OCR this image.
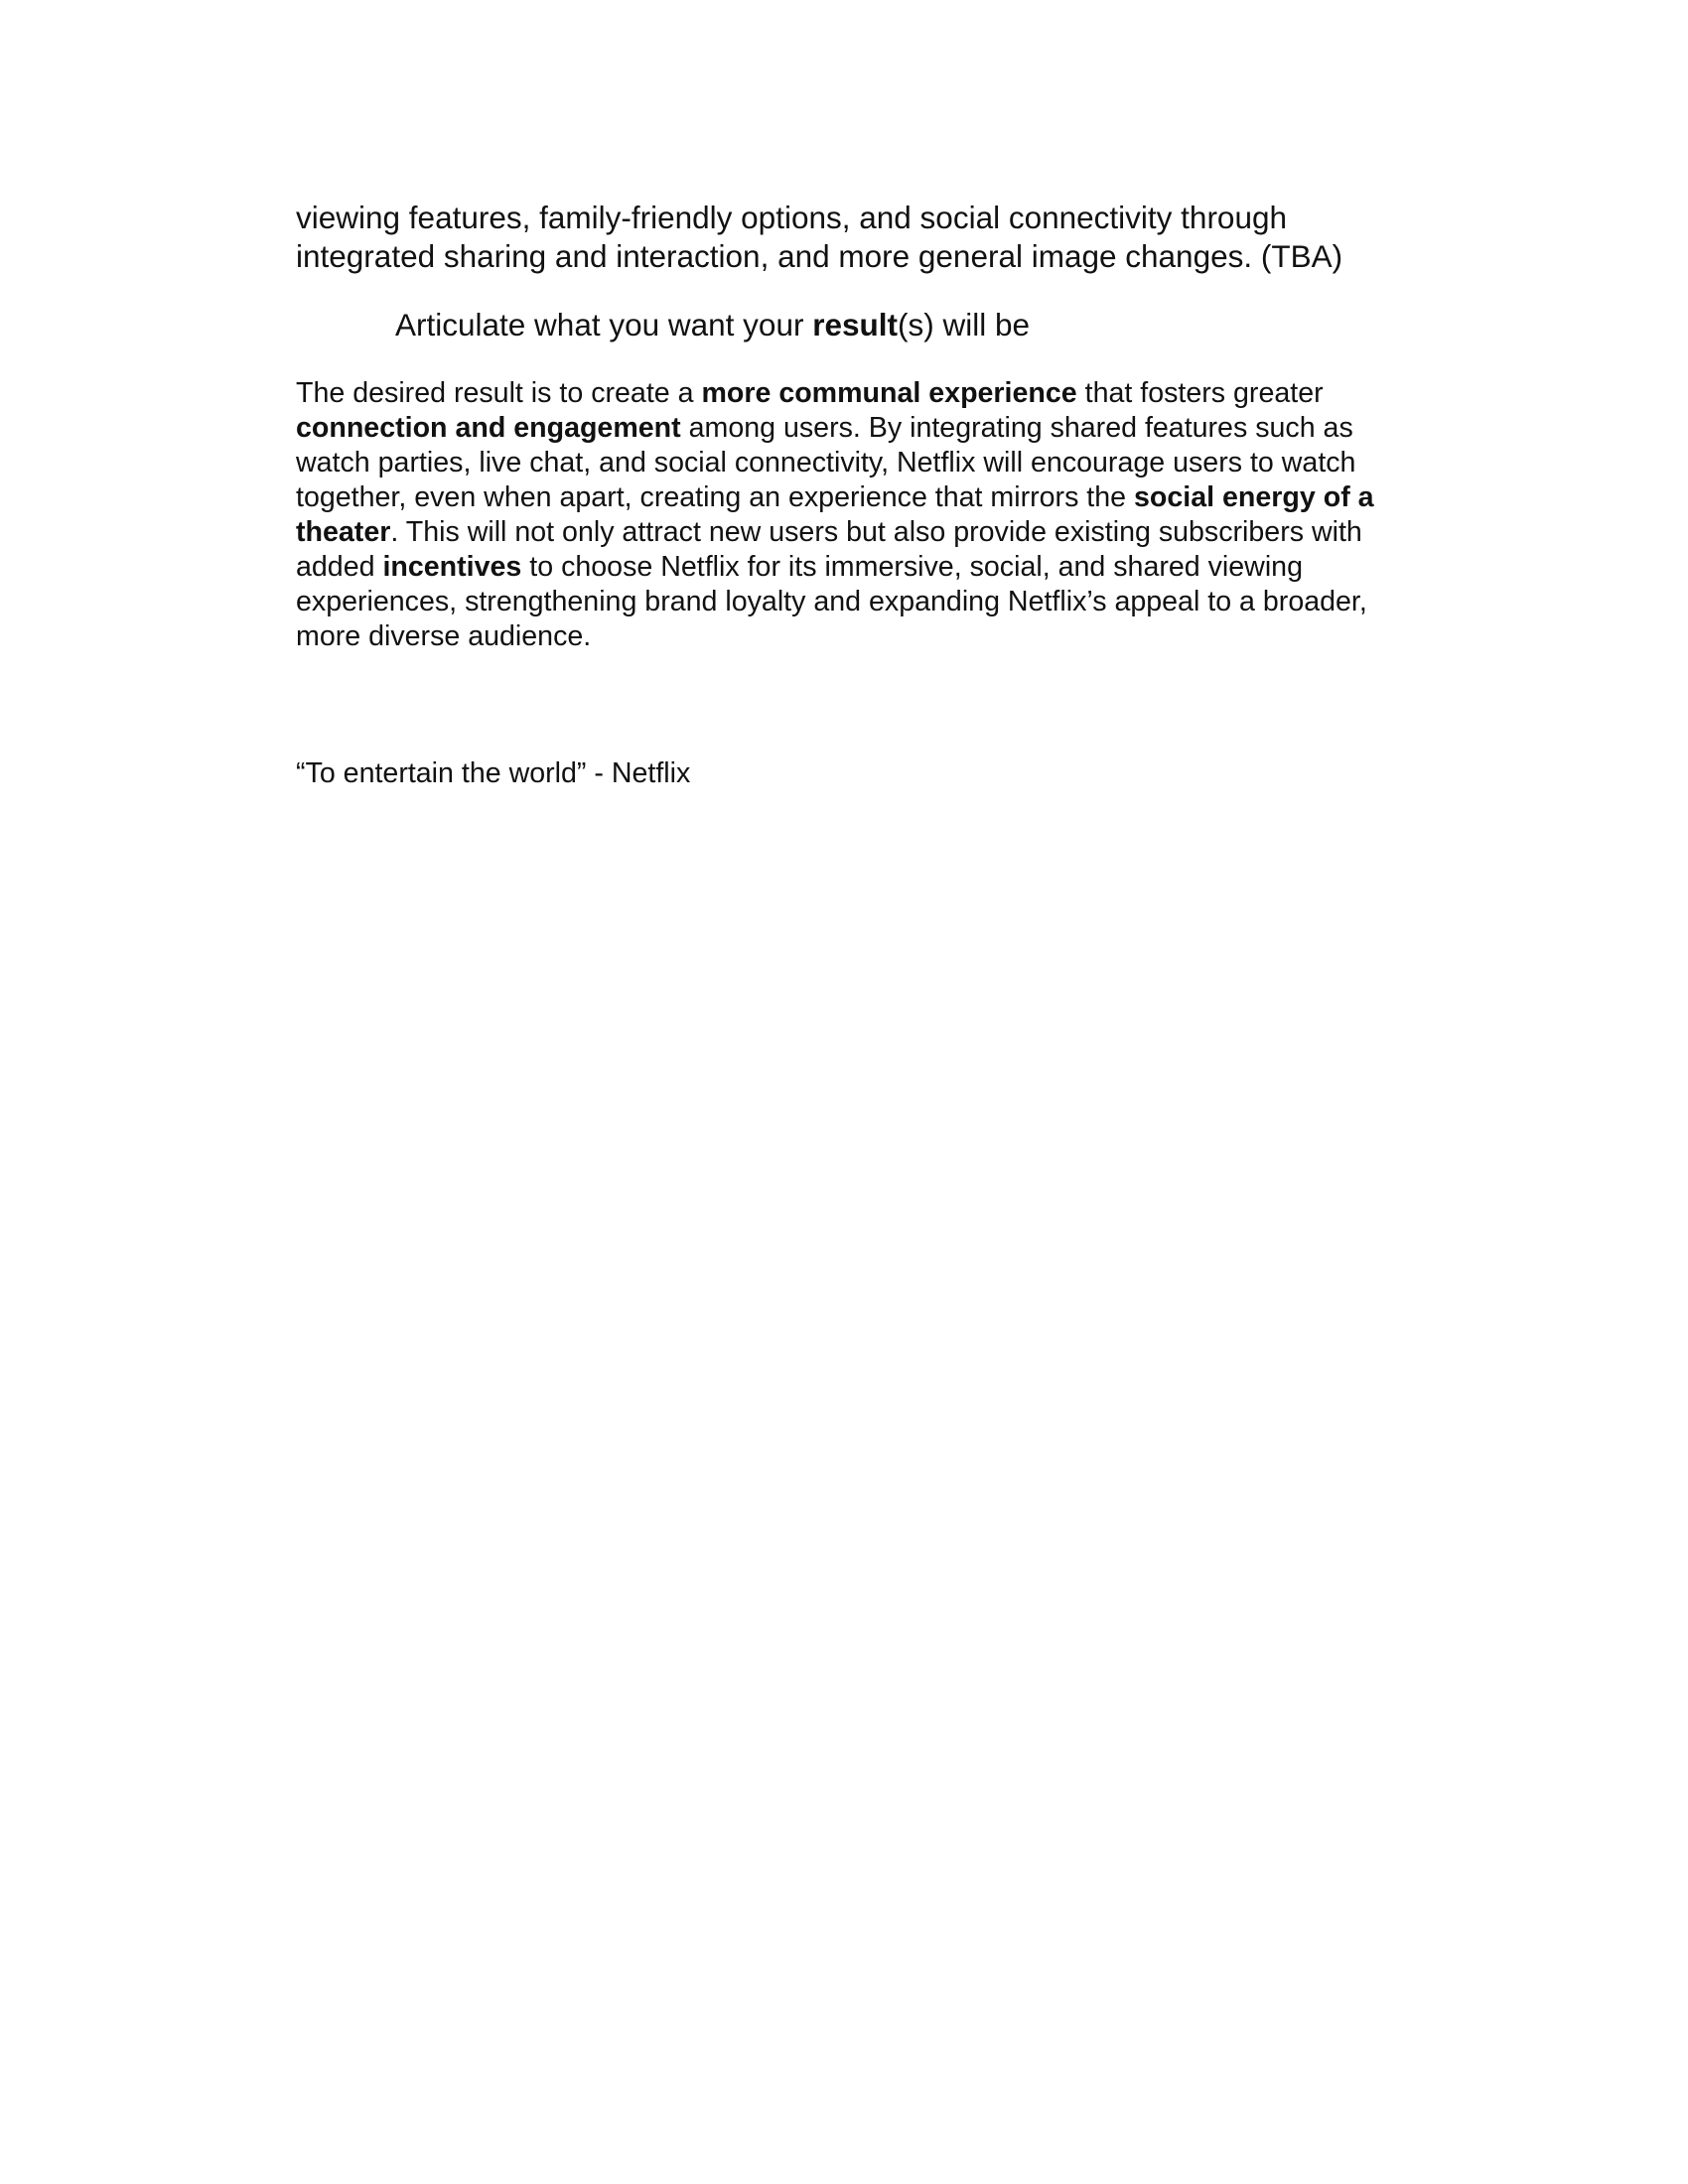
viewing features, family-friendly options, and social connectivity through
integrated sharing and interaction, and more general image changes. (TBA)
Articulate what you want your result(s) will be
The desired result is to create a more communal experience that fosters greater
connection and engagement among users. By integrating shared features such as
watch parties, live chat, and social connectivity, Netflix will encourage users to watch
together, even when apart, creating an experience that mirrors the social energy of a
theater. This will not only attract new users but also provide existing subscribers with
added incentives to choose Netflix for its immersive, social, and shared viewing
experiences, strengthening brand loyalty and expanding Netflix’s appeal to a broader,
more diverse audience.
“To entertain the world” - Netflix
